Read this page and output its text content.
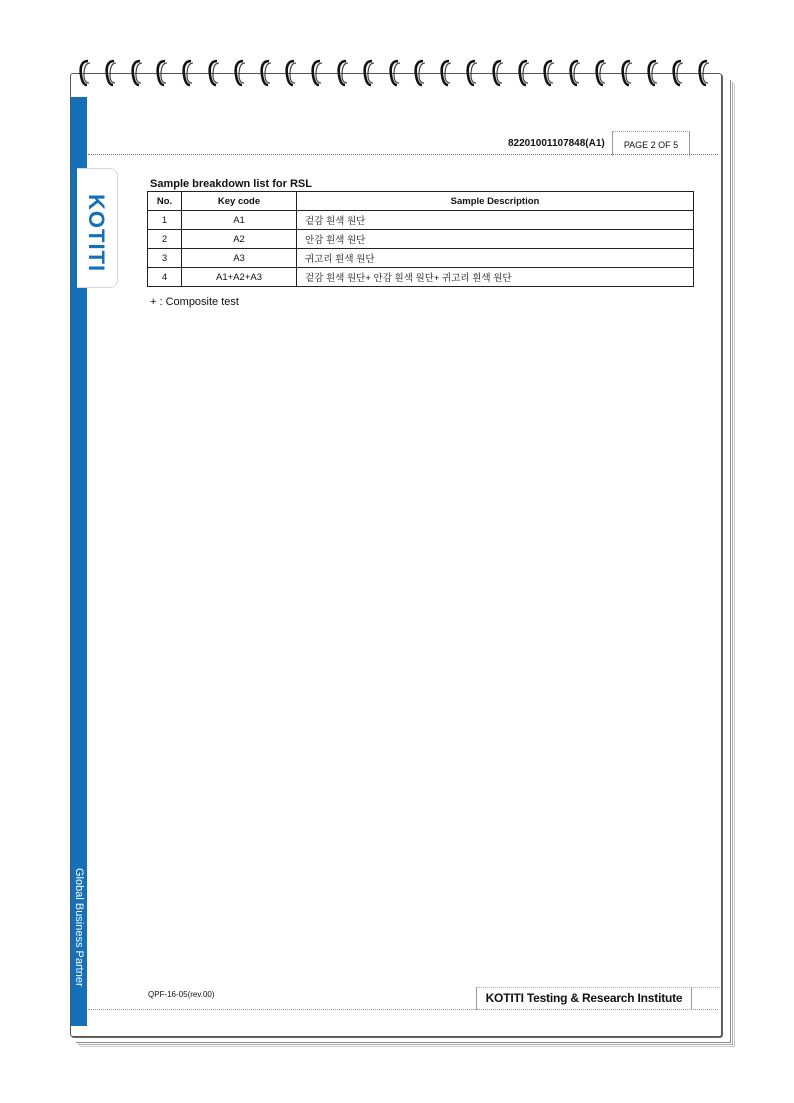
KOTITI
Global Business Partner
82201001107848(A1)	PAGE 2 OF 5
Sample breakdown list for RSL
No.	Key code	Sample Description
1	A1	겉감 흰색 원단
2	A2	안감 흰색 원단
3	A3	귀고리 흰색 원단
4	A1+A2+A3	겉감 흰색 원단+ 안감 흰색 원단+ 귀고리 흰색 원단
+ : Composite test
QPF-16-05(rev.00)	KOTITI Testing & Research Institute
